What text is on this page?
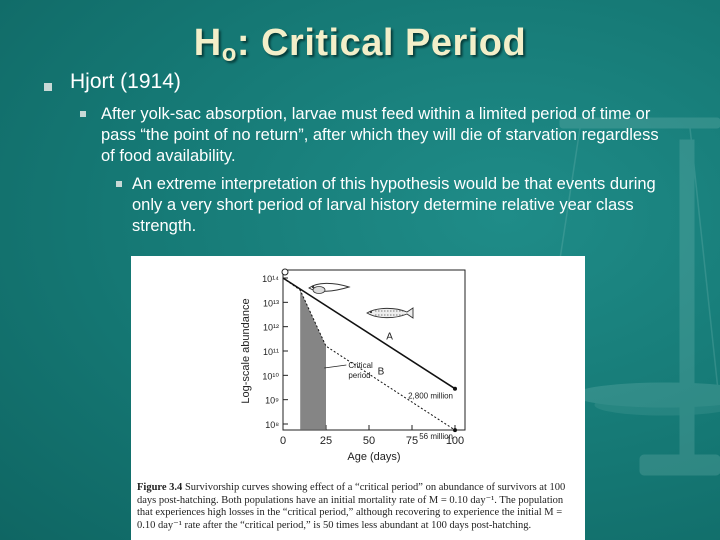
$H_o$: Critical Period
Hjort (1914)
After yolk-sac absorption, larvae must feed within a limited period of time or pass “the point of no return”, after which they will die of starvation regardless of food availability.
An extreme interpretation of this hypothesis would be that events during only a very short period of larval history determine relative year class strength.
10¹⁴
10¹³
10¹²
10¹¹
10¹⁰
10⁹
10⁸
0	25	50	75	100
Age (days)
Log-scale abundance	2,800 million
A
56 million
B
Critical
period
Figure 3.4 Survivorship curves showing effect of a “critical period” on abundance of survivors at 100 days post-hatching. Both populations have an initial mortality rate of M = 0.10 day⁻¹. The population that experiences high losses in the “critical period,” although recovering to experience the initial M = 0.10 day⁻¹ rate after the “critical period,” is 50 times less abundant at 100 days post-hatching.
